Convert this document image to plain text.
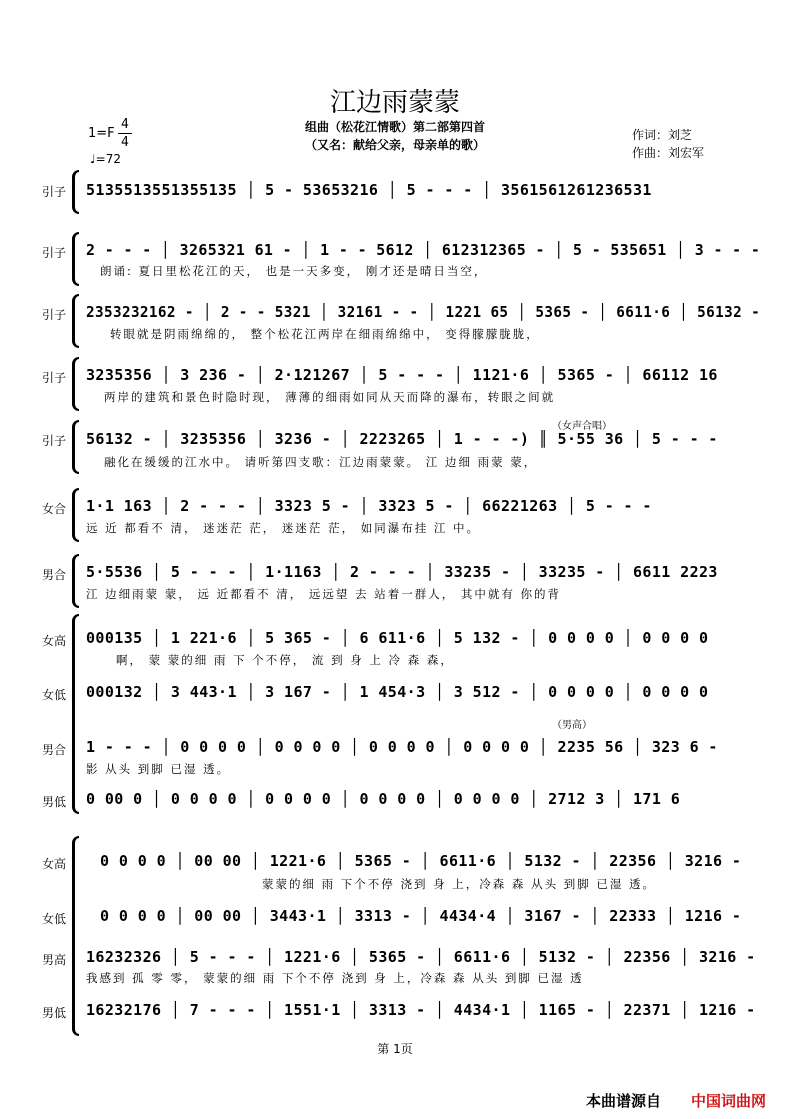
江边雨蒙蒙
组曲（松花江情歌）第二部第四首
（又名：献给父亲，母亲单的歌）
作词：刘芝
作曲：刘宏军
1=F
4
4
♩=72
引子 5135513551355135 │ 5 - 53653216 │ 5 - - - │ 3561561261236531
引子 2 - - - │ 3265321 61 - │ 1 - - 5612 │ 612312365 - │ 5 - 535651 │ 3 - - -
朗诵: 夏日里松花江的天， 也是一天多变， 刚才还是晴日当空，
引子 2353232162 - │ 2 - - 5321 │ 32161 - - │ 1221 65 │ 5365 - │ 6611·6 │ 56132 -
转眼就是阴雨绵绵的， 整个松花江两岸在细雨绵绵中， 变得朦朦胧胧，
引子 3235356 │ 3 236 - │ 2·121267 │ 5 - - - │ 1121·6 │ 5365 - │ 66112 16
两岸的建筑和景色时隐时现， 薄薄的细雨如同从天而降的瀑布，转眼之间就
引子
（女声合唱）
56132 - │ 3235356 │ 3236 - │ 2223265 │ 1 - - -) ║ 5·55 36 │ 5 - - -
融化在缓缓的江水中。 请听第四支歌：江边雨蒙蒙。 江 边细 雨蒙 蒙，
女合 1·1 163 │ 2 - - - │ 3323 5 - │ 3323 5 - │ 66221263 │ 5 - - -
远 近 都看不 清， 迷迷茫 茫， 迷迷茫 茫， 如同瀑布挂 江 中。
男合 5·5536 │ 5 - - - │ 1·1163 │ 2 - - - │ 33235 - │ 33235 - │ 6611 2223
江 边细雨蒙 蒙， 远 近都看不 清， 远远望 去 站着一群人， 其中就有 你的背
女高 000135 │ 1 221·6 │ 5 365 - │ 6 611·6 │ 5 132 - │ 0 0 0 0 │ 0 0 0 0
啊， 蒙 蒙的细 雨 下 个不停， 流 到 身 上 冷 森 森，
女低 000132 │ 3 443·1 │ 3 167 - │ 1 454·3 │ 3 512 - │ 0 0 0 0 │ 0 0 0 0
（男高）
男合 1 - - - │ 0 0 0 0 │ 0 0 0 0 │ 0 0 0 0 │ 0 0 0 0 │ 2235 56 │ 323 6 -
影 从头 到脚 已湿 透。
男低 0 00 0 │ 0 0 0 0 │ 0 0 0 0 │ 0 0 0 0 │ 0 0 0 0 │ 2712 3 │ 171 6
女高 0 0 0 0 │ 00 00 │ 1221·6 │ 5365 - │ 6611·6 │ 5132 - │ 22356 │ 3216 -
蒙蒙的细 雨 下个不停 浇到 身 上，冷森 森 从头 到脚 已湿 透。
女低 0 0 0 0 │ 00 00 │ 3443·1 │ 3313 - │ 4434·4 │ 3167 - │ 22333 │ 1216 -
男高 16232326 │ 5 - - - │ 1221·6 │ 5365 - │ 6611·6 │ 5132 - │ 22356 │ 3216 -
我感到 孤 零 零， 蒙蒙的细 雨 下个不停 浇到 身 上，冷森 森 从头 到脚 已湿 透
男低 16232176 │ 7 - - - │ 1551·1 │ 3313 - │ 4434·1 │ 1165 - │ 22371 │ 1216 -
第 1页
本曲谱源自 中国词曲网
